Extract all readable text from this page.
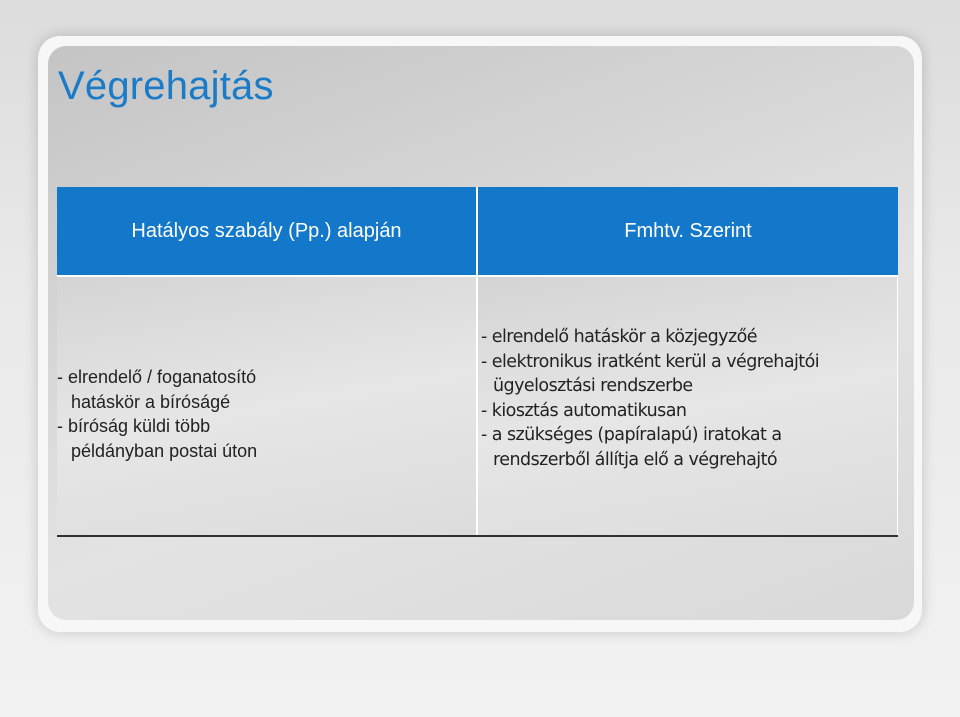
Végrehajtás
Hatályos szabály (Pp.) alapján	Fmhtv. Szerint
- elrendelő / foganatosító
hatáskör a bíróságé
- bíróság küldi több
példányban postai úton
- elrendelő hatáskör a közjegyzőé
- elektronikus iratként kerül a végrehajtói
ügyelosztási rendszerbe
- kiosztás automatikusan
- a szükséges (papíralapú) iratokat a
rendszerből állítja elő a végrehajtó
